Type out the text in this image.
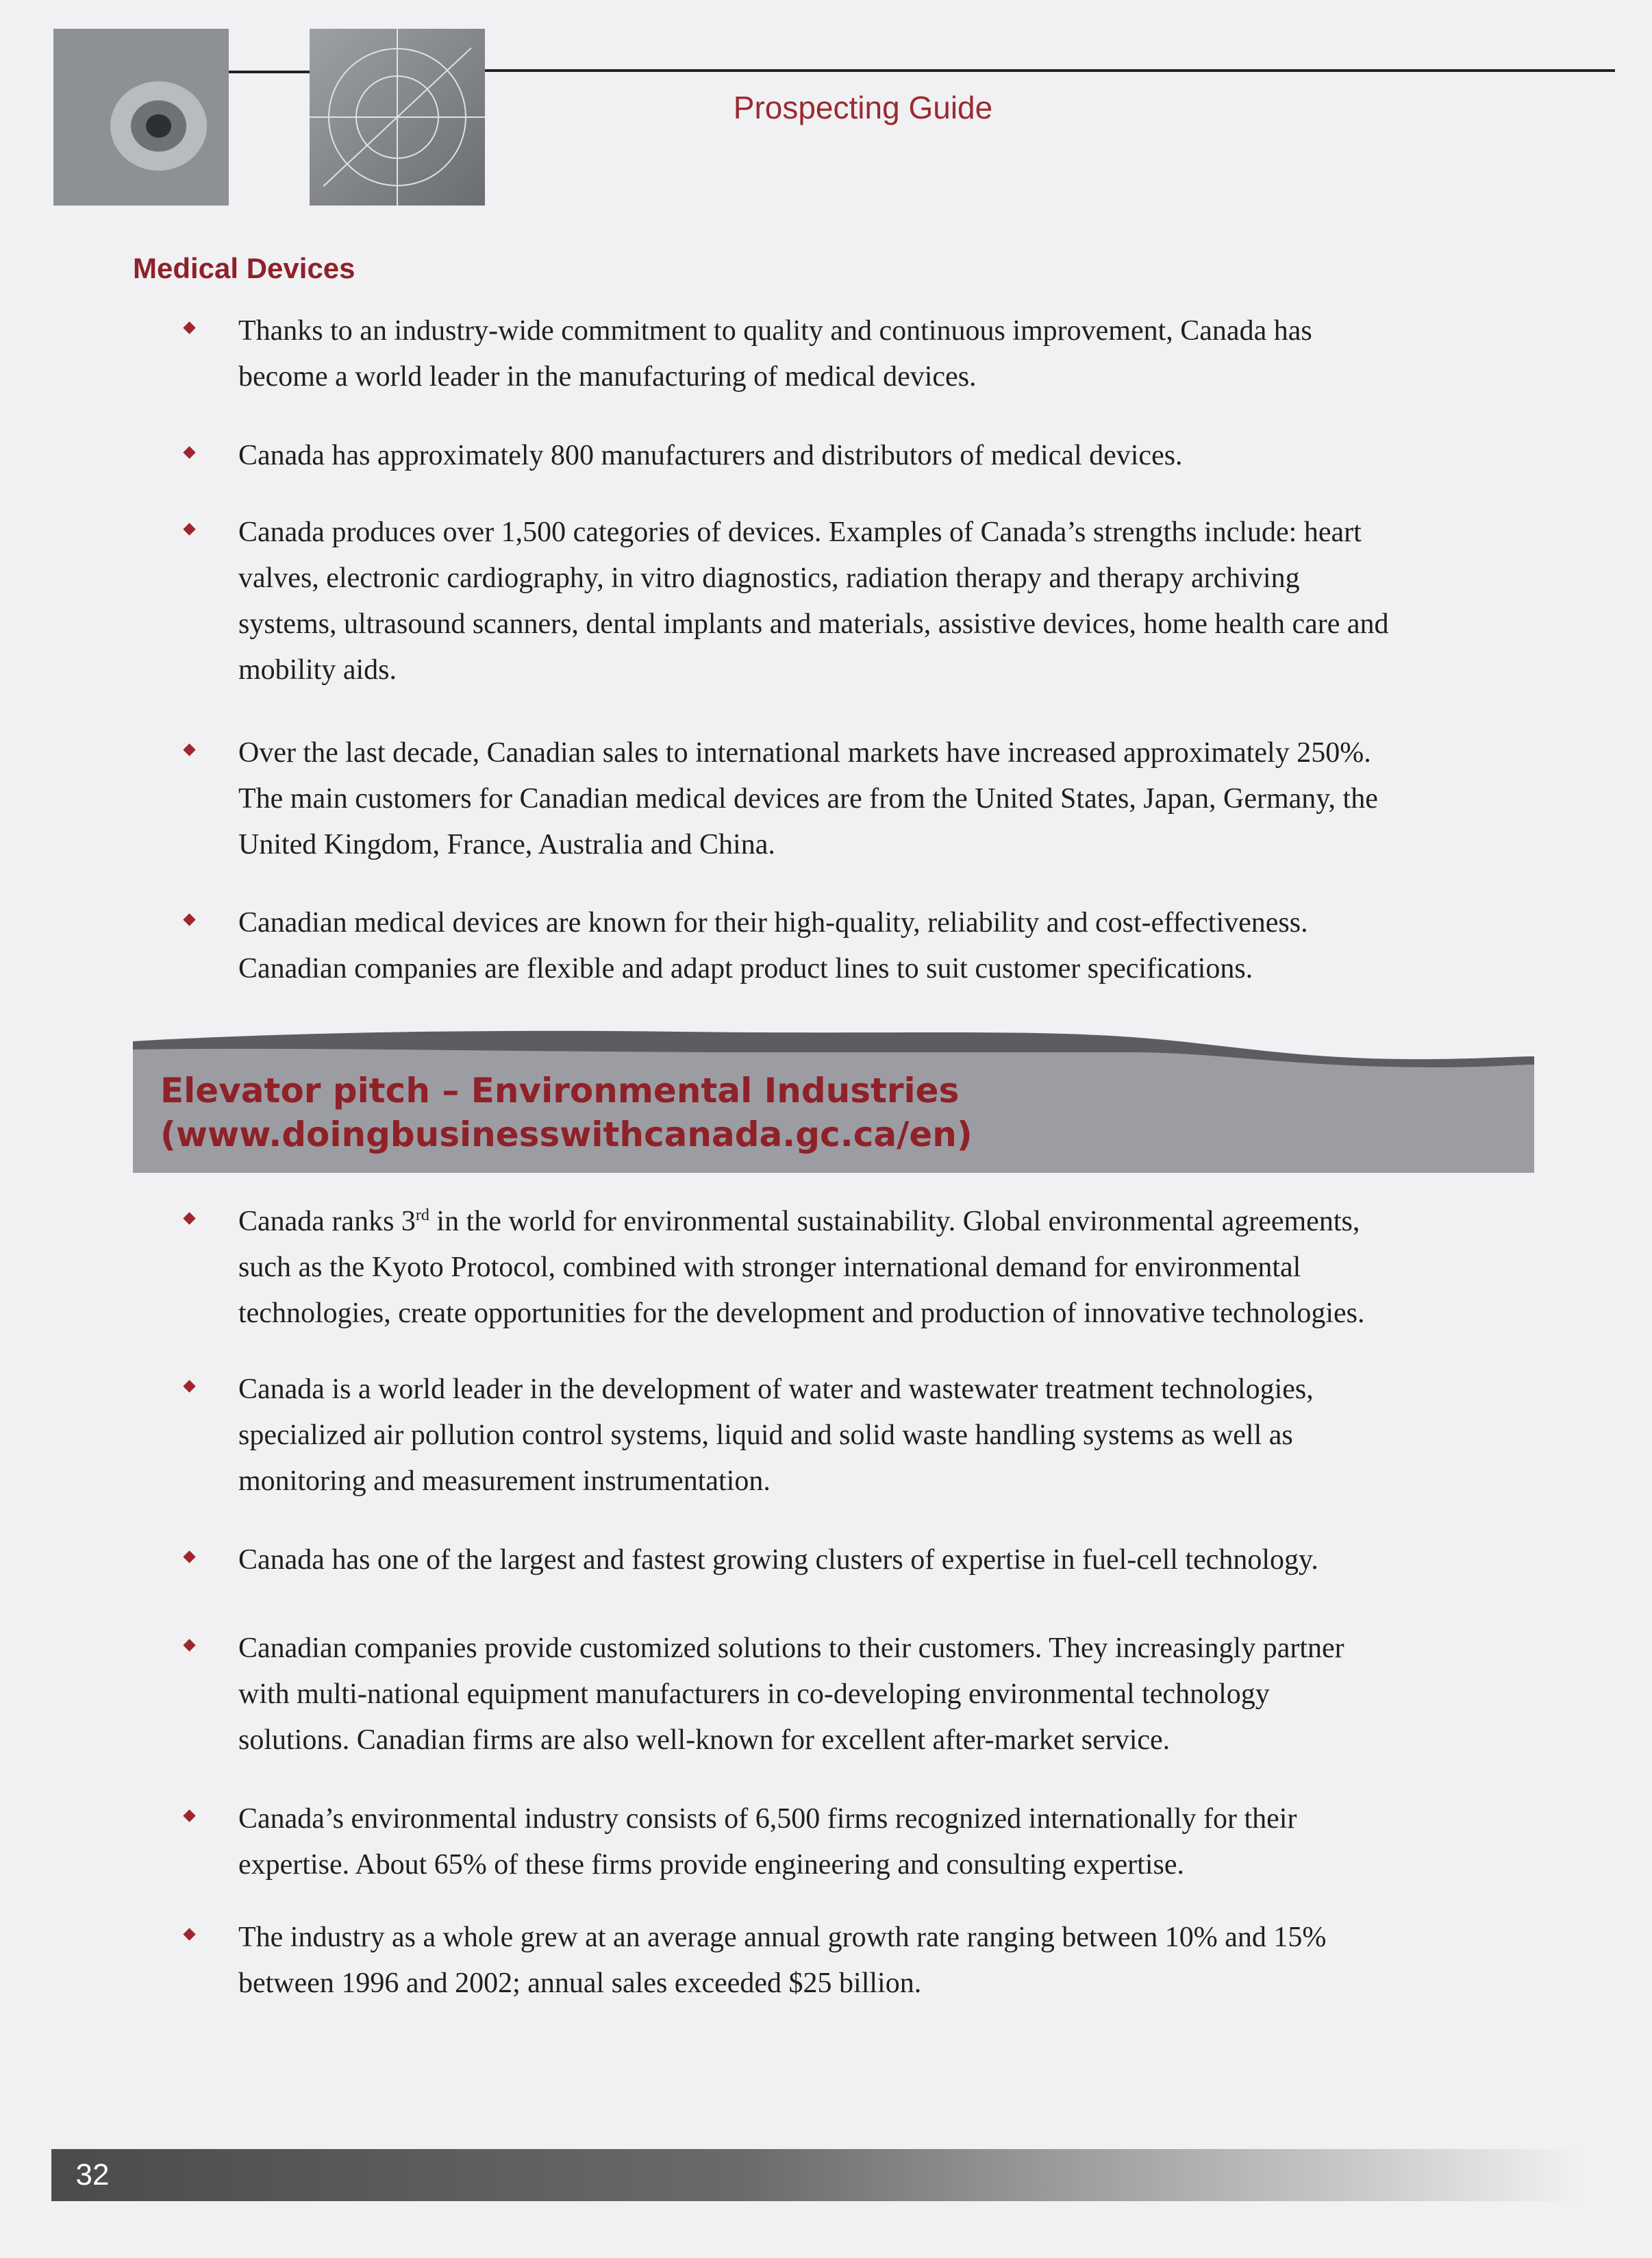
Prospecting Guide
Medical Devices
Thanks to an industry-wide commitment to quality and continuous improvement, Canada has
become a world leader in the manufacturing of medical devices.
Canada has approximately 800 manufacturers and distributors of medical devices.
Canada produces over 1,500 categories of devices. Examples of Canada’s strengths include: heart
valves, electronic cardiography, in vitro diagnostics, radiation therapy and therapy archiving
systems, ultrasound scanners, dental implants and materials, assistive devices, home health care and
mobility aids.
Over the last decade, Canadian sales to international markets have increased approximately 250%.
The main customers for Canadian medical devices are from the United States, Japan, Germany, the
United Kingdom, France, Australia and China.
Canadian medical devices are known for their high-quality, reliability and cost-effectiveness.
Canadian companies are flexible and adapt product lines to suit customer specifications.
Elevator pitch – Environmental Industries
(www.doingbusinesswithcanada.gc.ca/en)
Canada ranks 3rd in the world for environmental sustainability. Global environmental agreements,
such as the Kyoto Protocol, combined with stronger international demand for environmental
technologies, create opportunities for the development and production of innovative technologies.
Canada is a world leader in the development of water and wastewater treatment technologies,
specialized air pollution control systems, liquid and solid waste handling systems as well as
monitoring and measurement instrumentation.
Canada has one of the largest and fastest growing clusters of expertise in fuel-cell technology.
Canadian companies provide customized solutions to their customers. They increasingly partner
with multi-national equipment manufacturers in co-developing environmental technology
solutions. Canadian firms are also well-known for excellent after-market service.
Canada’s environmental industry consists of 6,500 firms recognized internationally for their
expertise. About 65% of these firms provide engineering and consulting expertise.
The industry as a whole grew at an average annual growth rate ranging between 10% and 15%
between 1996 and 2002; annual sales exceeded $25 billion.
32
